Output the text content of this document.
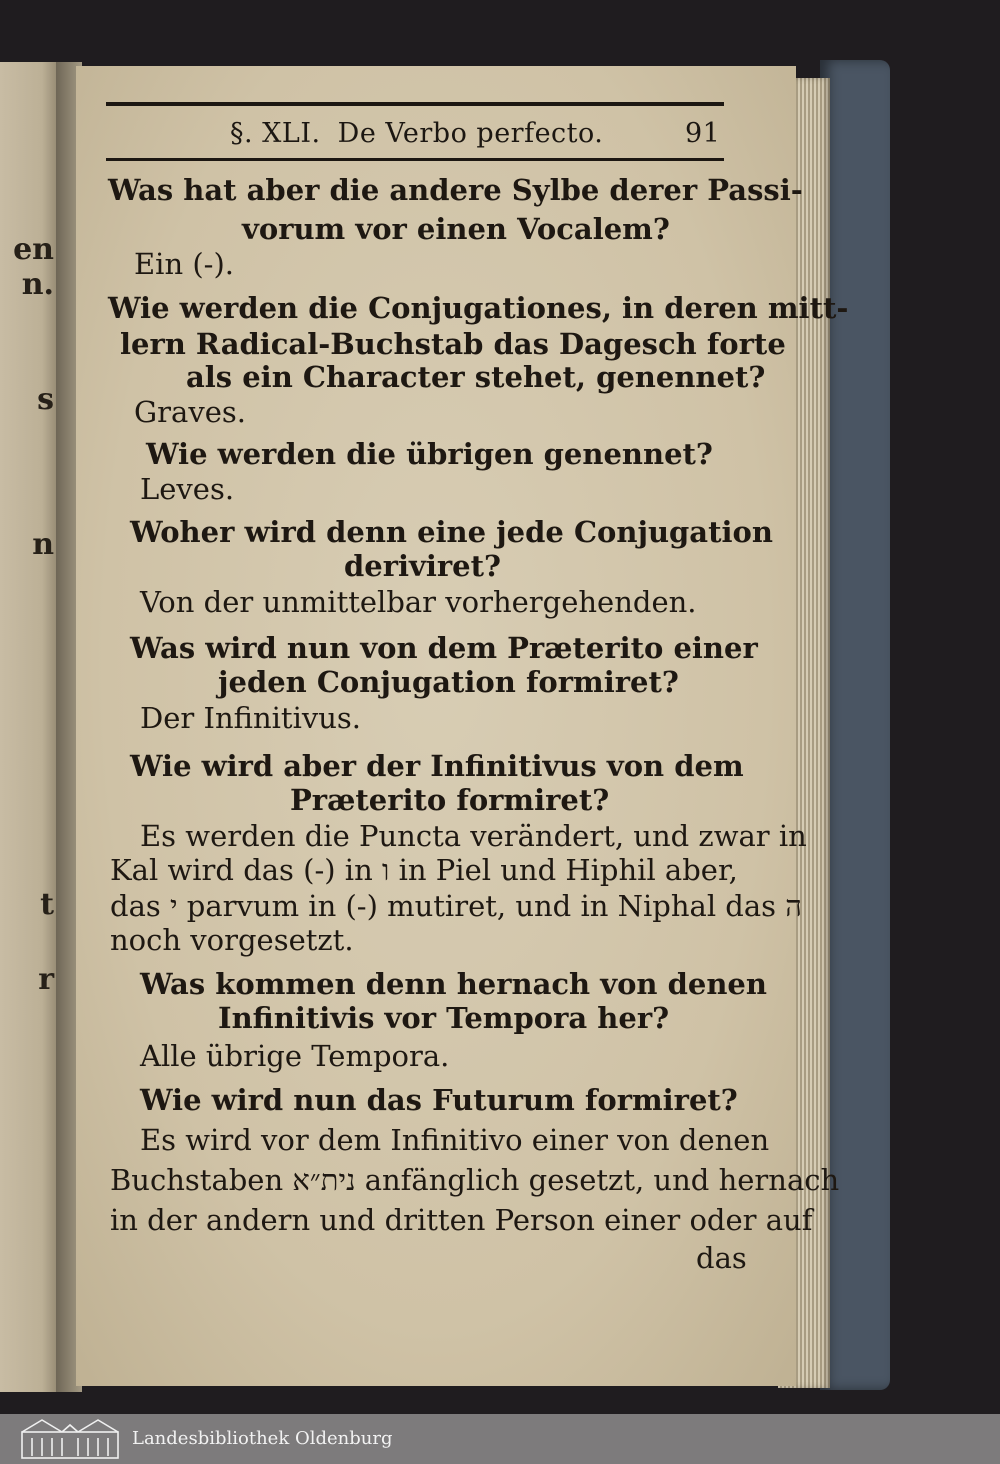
en
n.
s
n
t
r
§. XLI. De Verbo perfecto.	91
Was hat aber die andere Sylbe derer Passi-
vorum vor einen Vocalem?
Ein (-).
Wie werden die Conjugationes, in deren mitt-
lern Radical-Buchstab das Dagesch forte
als ein Character stehet, genennet?
Graves.
Wie werden die übrigen genennet?
Leves.
Woher wird denn eine jede Conjugation
deriviret?
Von der unmittelbar vorhergehenden.
Was wird nun von dem Præterito einer
jeden Conjugation formiret?
Der Infinitivus.
Wie wird aber der Infinitivus von dem
Præterito formiret?
Es werden die Puncta verändert, und zwar in
Kal wird das (-) in ו in Piel und Hiphil aber,
das י parvum in (-) mutiret, und in Niphal das ה
noch vorgesetzt.
Was kommen denn hernach von denen
Infinitivis vor Tempora her?
Alle übrige Tempora.
Wie wird nun das Futurum formiret?
Es wird vor dem Infinitivo einer von denen
Buchstaben נית״א anfänglich gesetzt, und hernach
in der andern und dritten Person einer oder auf
das
Landesbibliothek Oldenburg
